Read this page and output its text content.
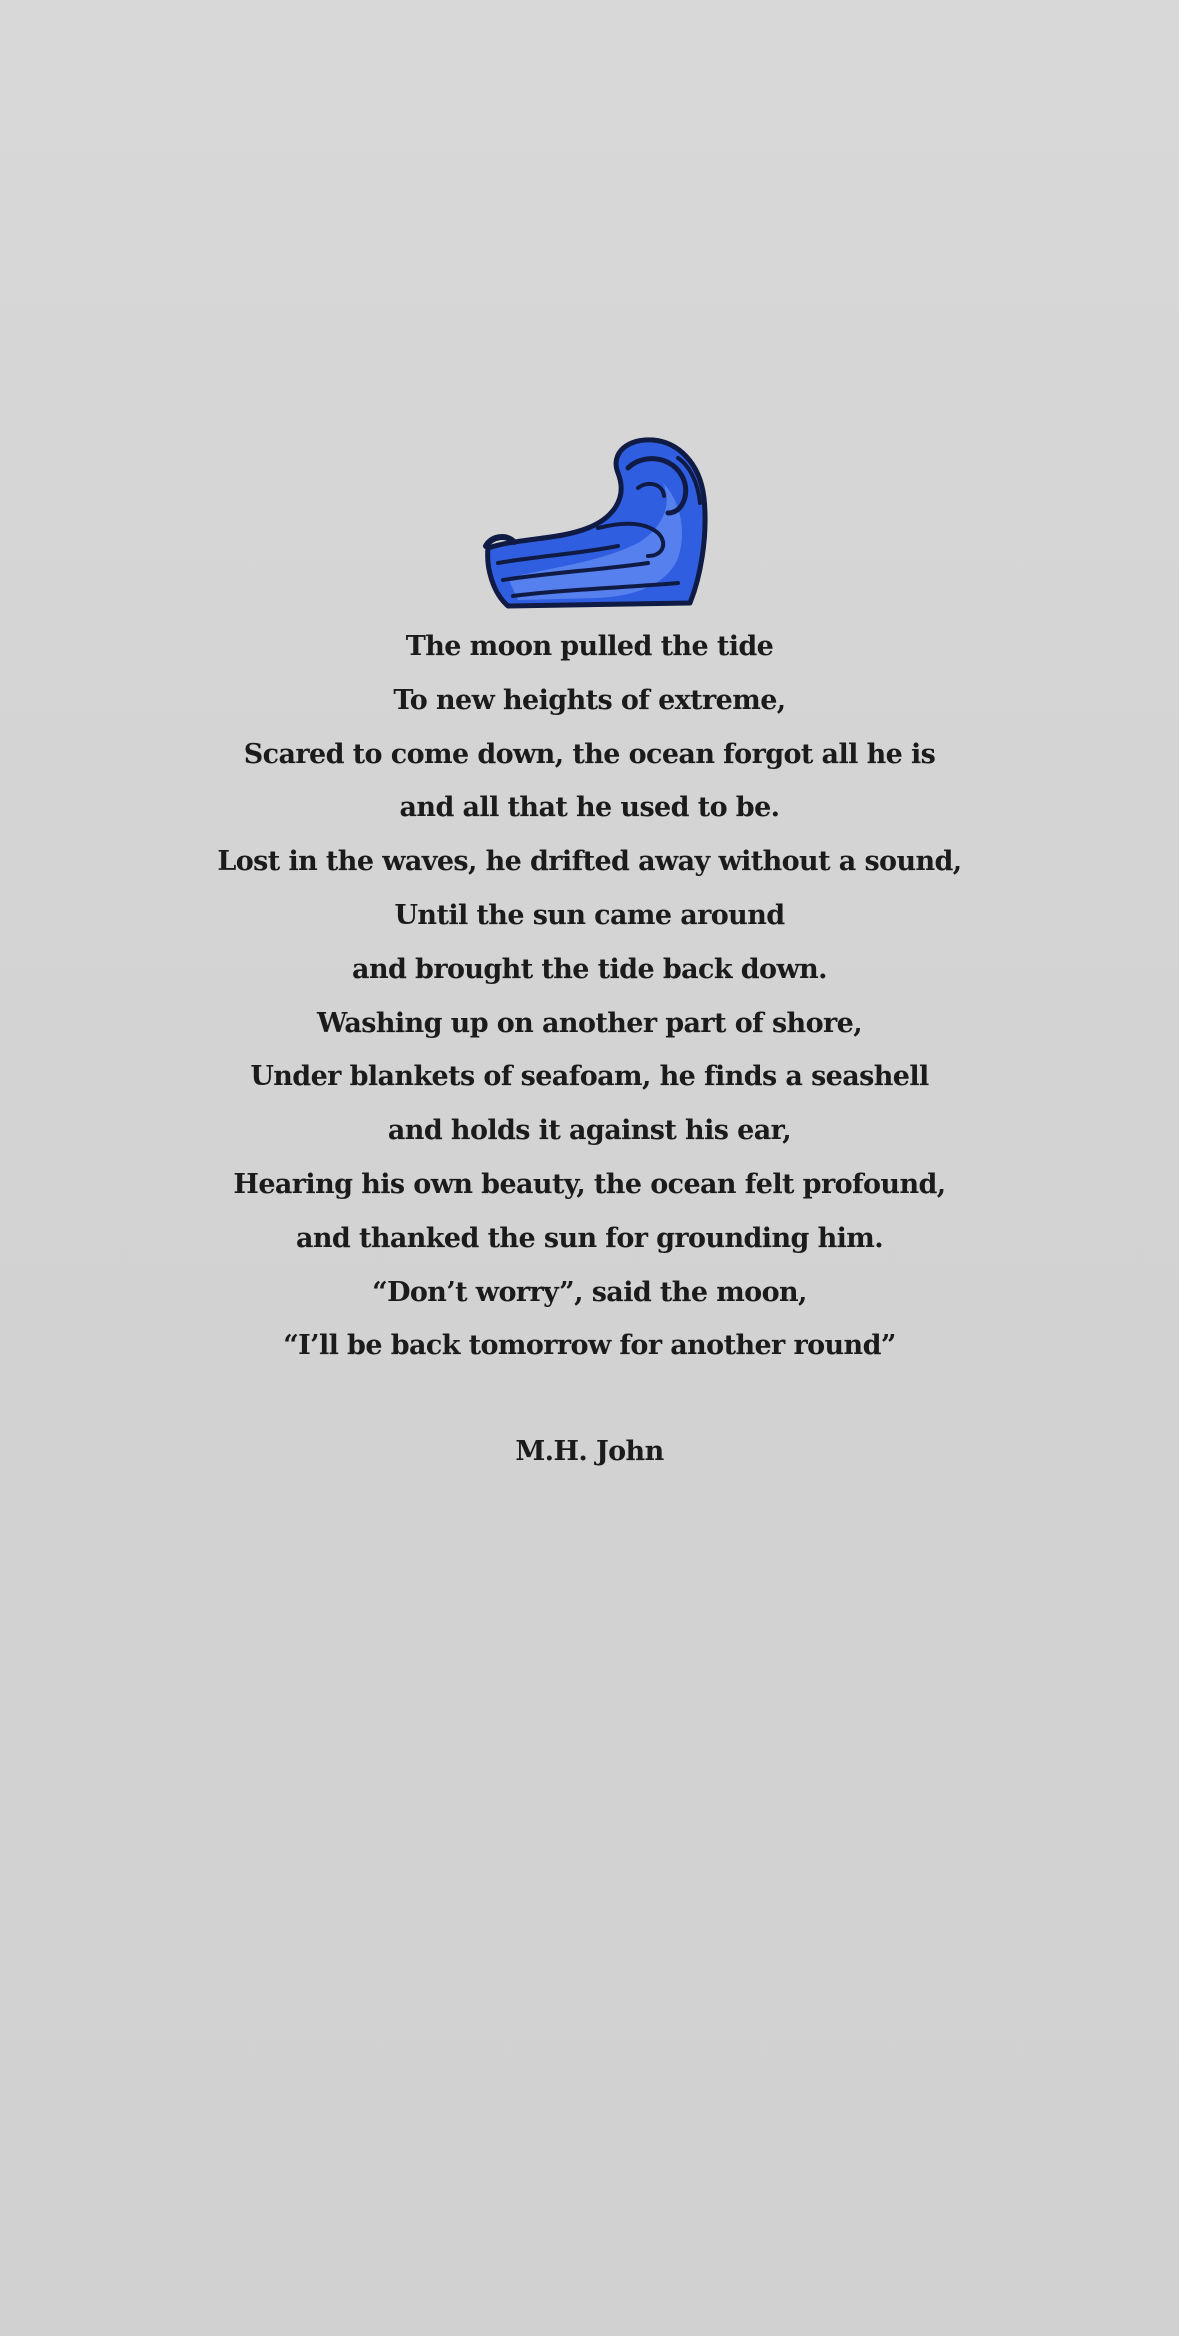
The moon pulled the tide
To new heights of extreme,
Scared to come down, the ocean forgot all he is
and all that he used to be.
Lost in the waves, he drifted away without a sound,
Until the sun came around
and brought the tide back down.
Washing up on another part of shore,
Under blankets of seafoam, he finds a seashell
and holds it against his ear,
Hearing his own beauty, the ocean felt profound,
and thanked the sun for grounding him.
“Don’t worry”, said the moon,
“I’ll be back tomorrow for another round”
M.H. John
